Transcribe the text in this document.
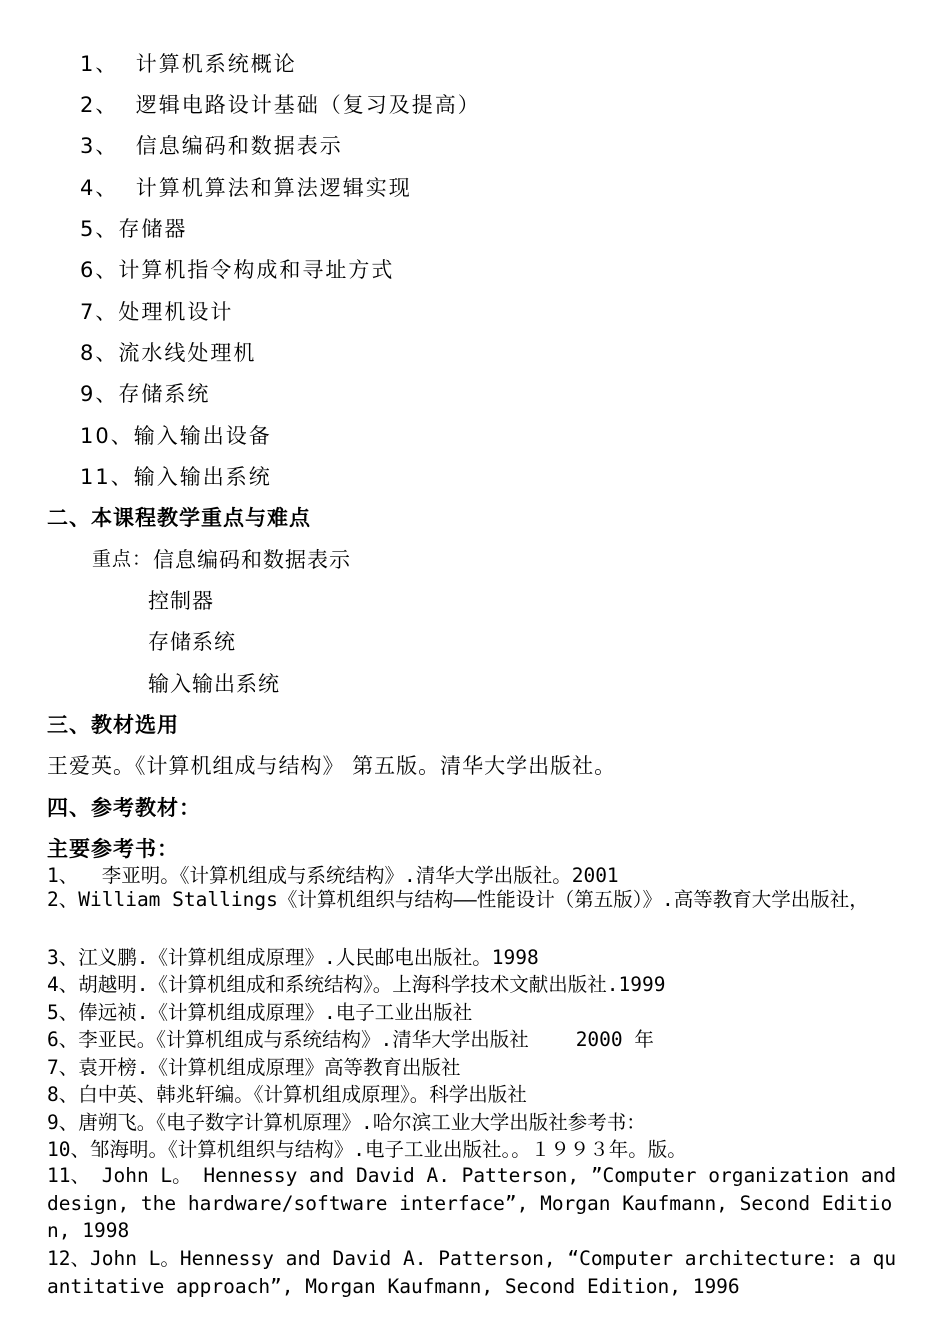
1、  计算机系统概论
2、  逻辑电路设计基础（复习及提高）
3、  信息编码和数据表示
4、  计算机算法和算法逻辑实现
5、存储器
6、计算机指令构成和寻址方式
7、处理机设计
8、流水线处理机
9、存储系统
10、输入输出设备
11、输入输出系统
二、本课程教学重点与难点
重点： 信息编码和数据表示
控制器
存储系统
输入输出系统
三、教材选用
王爱英。《计算机组成与结构》 第五版。清华大学出版社。
四、参考教材：
主要参考书：
1、  李亚明。《计算机组成与系统结构》.清华大学出版社。2001
2、William Stallings《计算机组织与结构——性能设计（第五版）》.高等教育大学出版社，
3、江义鹏.《计算机组成原理》.人民邮电出版社。1998
4、胡越明.《计算机组成和系统结构》。上海科学技术文献出版社.1999
5、俸远祯.《计算机组成原理》.电子工业出版社
6、李亚民。《计算机组成与系统结构》.清华大学出版社    2000 年
7、袁开榜.《计算机组成原理》高等教育出版社
8、白中英、韩兆轩编。《计算机组成原理》。科学出版社
9、唐朔飞。《电子数字计算机原理》.哈尔滨工业大学出版社参考书：
10、邹海明。《计算机组织与结构》.电子工业出版社。。１９９３年。版。
11、 John L。 Hennessy and David A. Patterson, ”Computer organization and design, the hardware/software interface”, Morgan Kaufmann, Second Edition, 1998
12、John L。Hennessy and David A. Patterson, “Computer architecture: a quantitative approach”, Morgan Kaufmann, Second Edition, 1996
